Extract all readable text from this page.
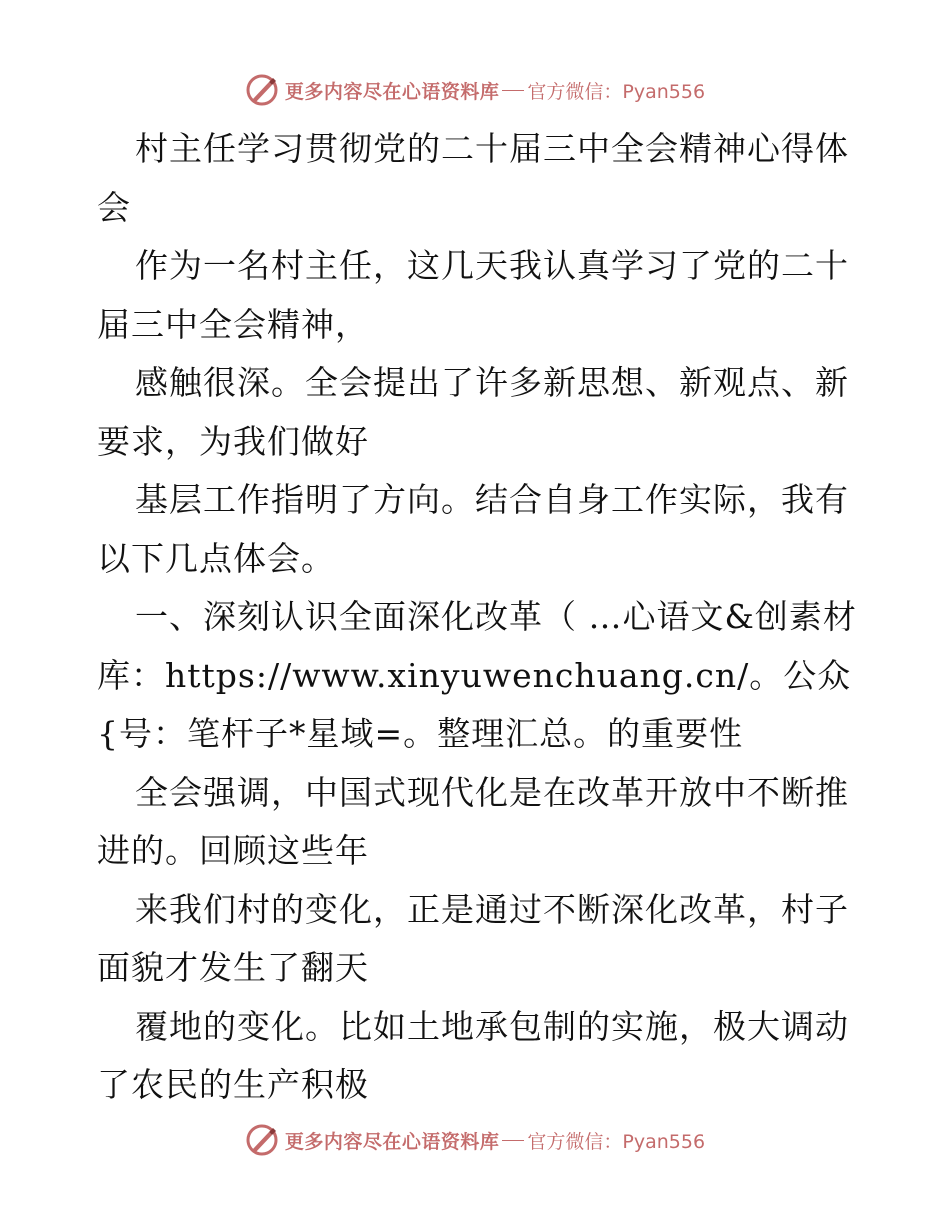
更多内容尽在心语资料库 官方微信：Pyan556
村主任学习贯彻党的二十届三中全会精神心得体
会
作为一名村主任，这几天我认真学习了党的二十
届三中全会精神，
感触很深。全会提出了许多新思想、新观点、新
要求，为我们做好
基层工作指明了方向。结合自身工作实际，我有
以下几点体会。
一、深刻认识全面深化改革（ …心语文&创素材
库：https://www.xinyuwenchuang.cn/。公众
{号：笔杆子*星域=。整理汇总。的重要性
全会强调，中国式现代化是在改革开放中不断推
进的。回顾这些年
来我们村的变化，正是通过不断深化改革，村子
面貌才发生了翻天
覆地的变化。比如土地承包制的实施，极大调动
了农民的生产积极
更多内容尽在心语资料库 官方微信：Pyan556
